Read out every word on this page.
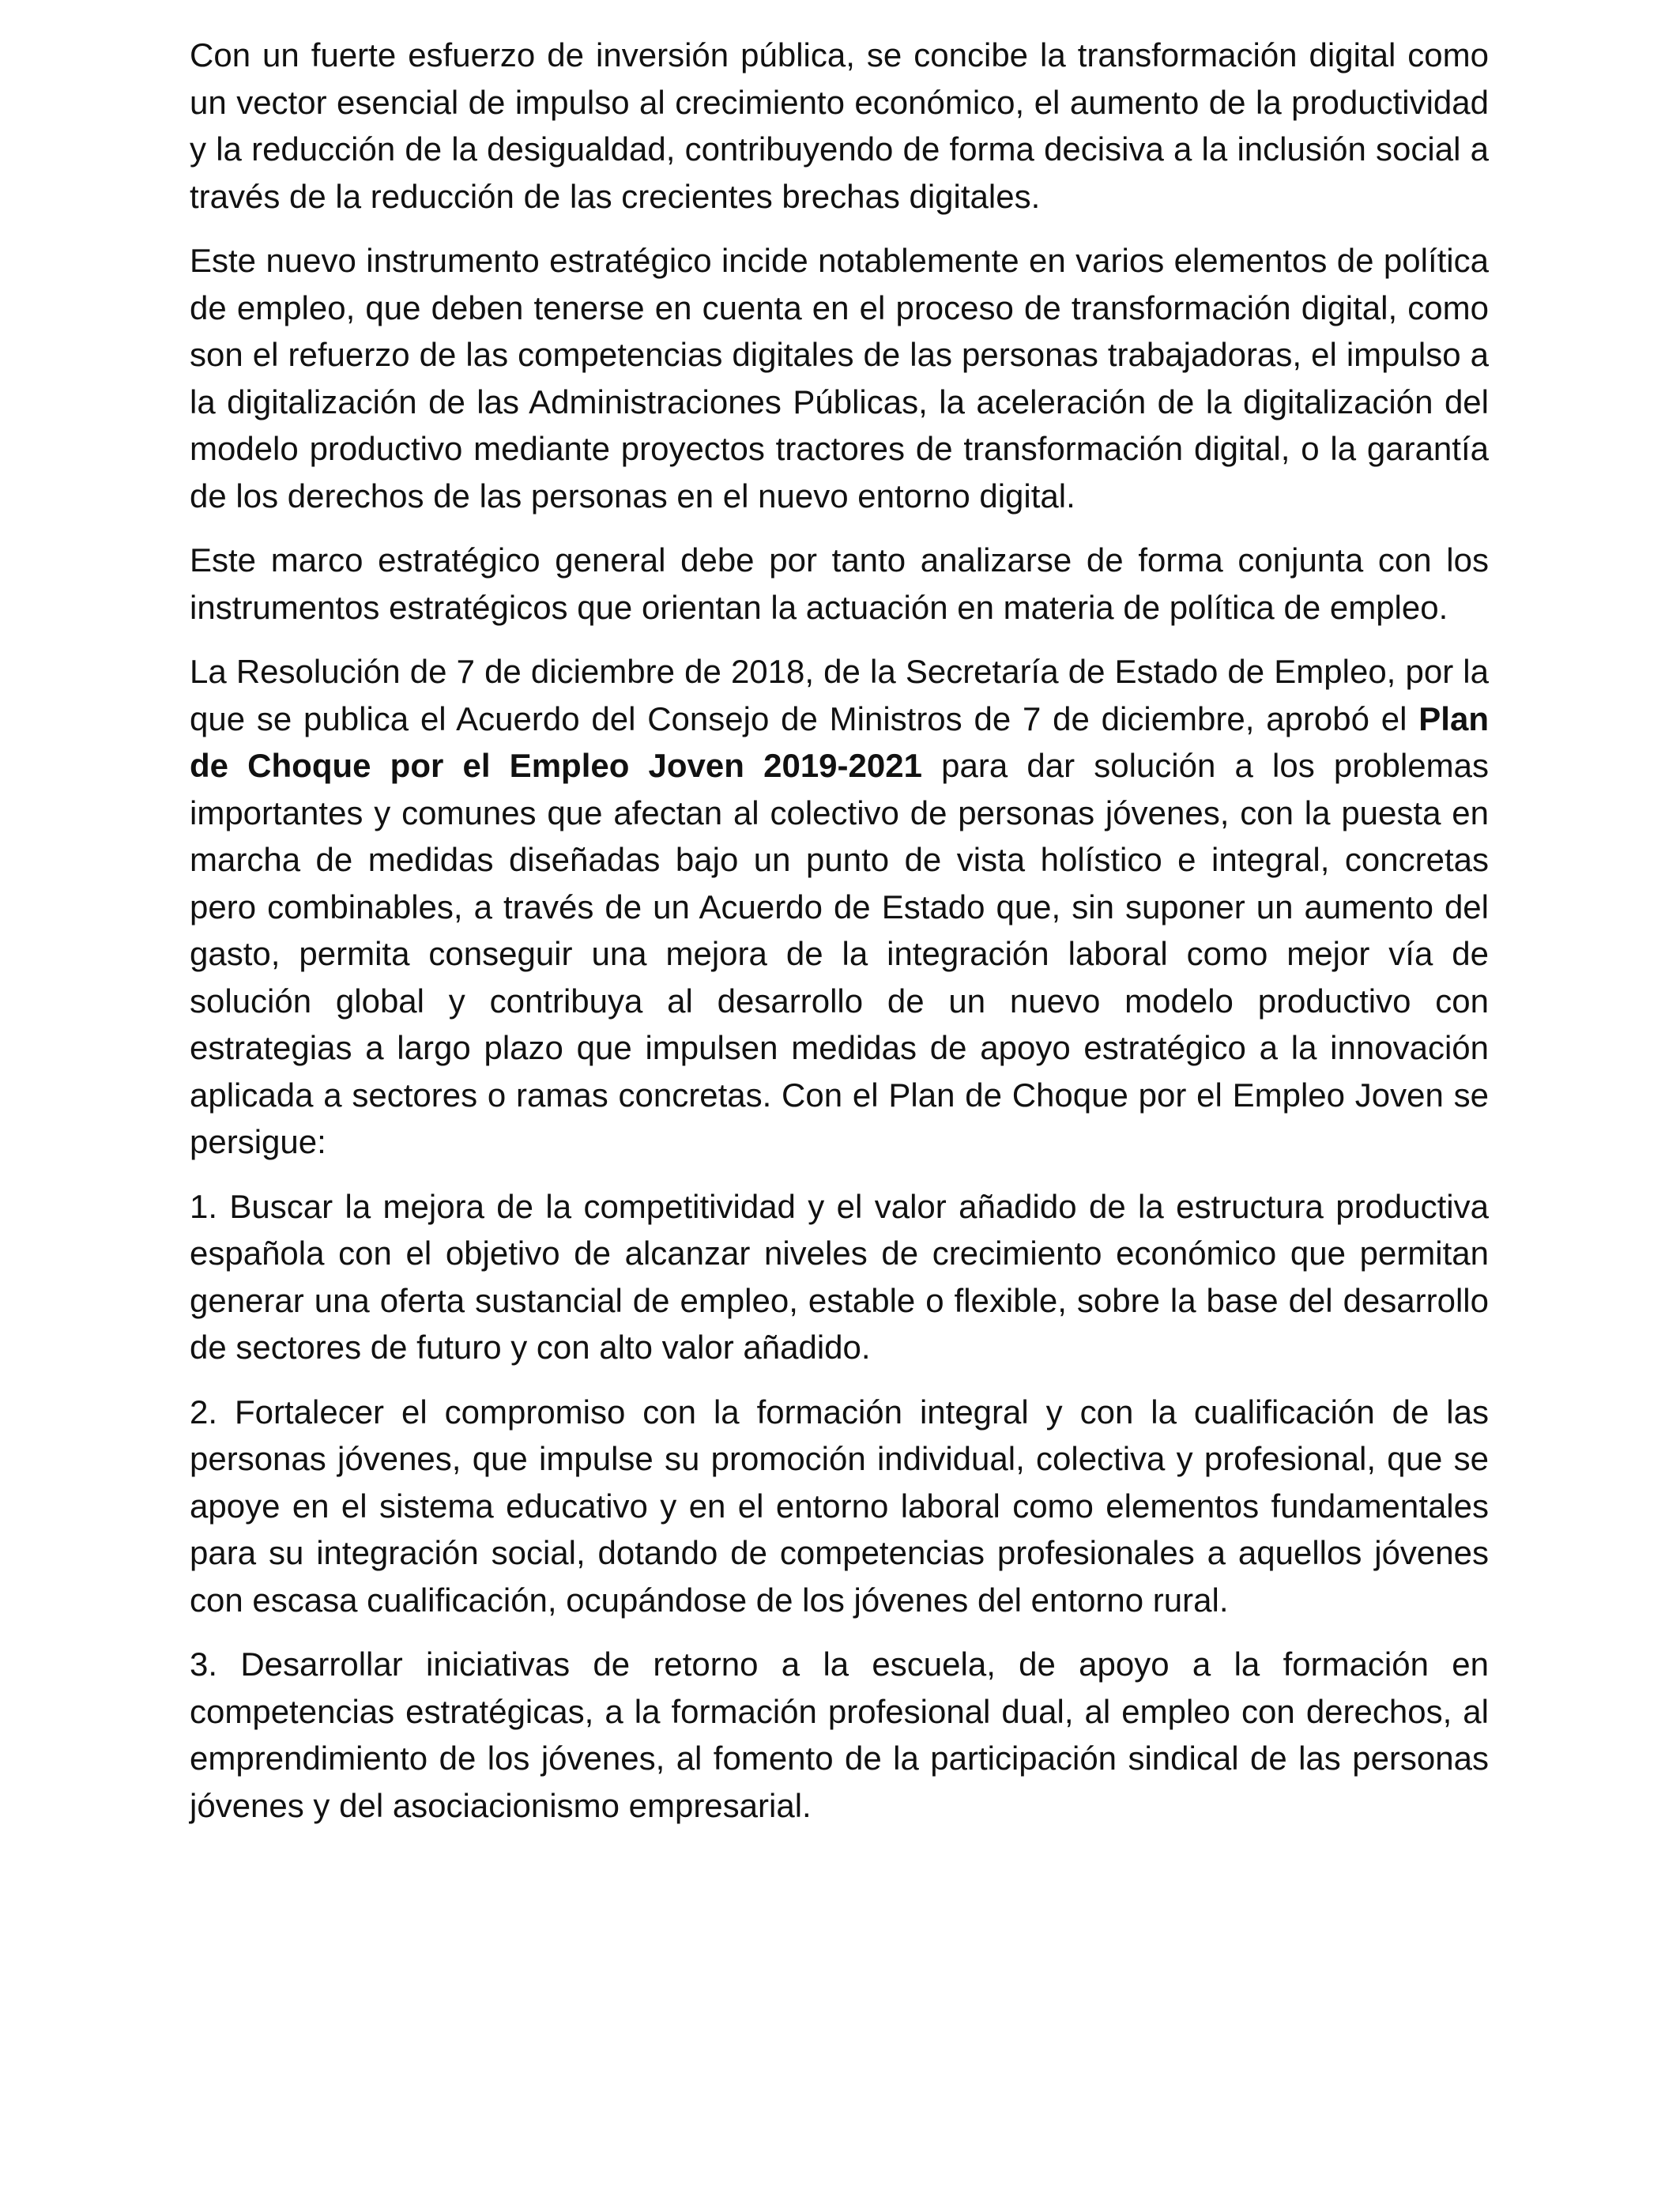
Con un fuerte esfuerzo de inversión pública, se concibe la transformación digital como un vector esencial de impulso al crecimiento económico, el aumento de la productividad y la reducción de la desigualdad, contribuyendo de forma decisiva a la inclusión social a través de la reducción de las crecientes brechas digitales.

Este nuevo instrumento estratégico incide notablemente en varios elementos de política de empleo, que deben tenerse en cuenta en el proceso de transformación digital, como son el refuerzo de las competencias digitales de las personas trabajadoras, el impulso a la digitalización de las Administraciones Públicas, la aceleración de la digitalización del modelo productivo mediante proyectos tractores de transformación digital, o la garantía de los derechos de las personas en el nuevo entorno digital.

Este marco estratégico general debe por tanto analizarse de forma conjunta con los instrumentos estratégicos que orientan la actuación en materia de política de empleo.

La Resolución de 7 de diciembre de 2018, de la Secretaría de Estado de Empleo, por la que se publica el Acuerdo del Consejo de Ministros de 7 de diciembre, aprobó el Plan de Choque por el Empleo Joven 2019-2021 para dar solución a los problemas importantes y comunes que afectan al colectivo de personas jóvenes, con la puesta en marcha de medidas diseñadas bajo un punto de vista holístico e integral, concretas pero combinables, a través de un Acuerdo de Estado que, sin suponer un aumento del gasto, permita conseguir una mejora de la integración laboral como mejor vía de solución global y contribuya al desarrollo de un nuevo modelo productivo con estrategias a largo plazo que impulsen medidas de apoyo estratégico a la innovación aplicada a sectores o ramas concretas. Con el Plan de Choque por el Empleo Joven se persigue:

1. Buscar la mejora de la competitividad y el valor añadido de la estructura productiva española con el objetivo de alcanzar niveles de crecimiento económico que permitan generar una oferta sustancial de empleo, estable o flexible, sobre la base del desarrollo de sectores de futuro y con alto valor añadido.

2. Fortalecer el compromiso con la formación integral y con la cualificación de las personas jóvenes, que impulse su promoción individual, colectiva y profesional, que se apoye en el sistema educativo y en el entorno laboral como elementos fundamentales para su integración social, dotando de competencias profesionales a aquellos jóvenes con escasa cualificación, ocupándose de los jóvenes del entorno rural.

3. Desarrollar iniciativas de retorno a la escuela, de apoyo a la formación en competencias estratégicas, a la formación profesional dual, al empleo con derechos, al emprendimiento de los jóvenes, al fomento de la participación sindical de las personas jóvenes y del asociacionismo empresarial.
